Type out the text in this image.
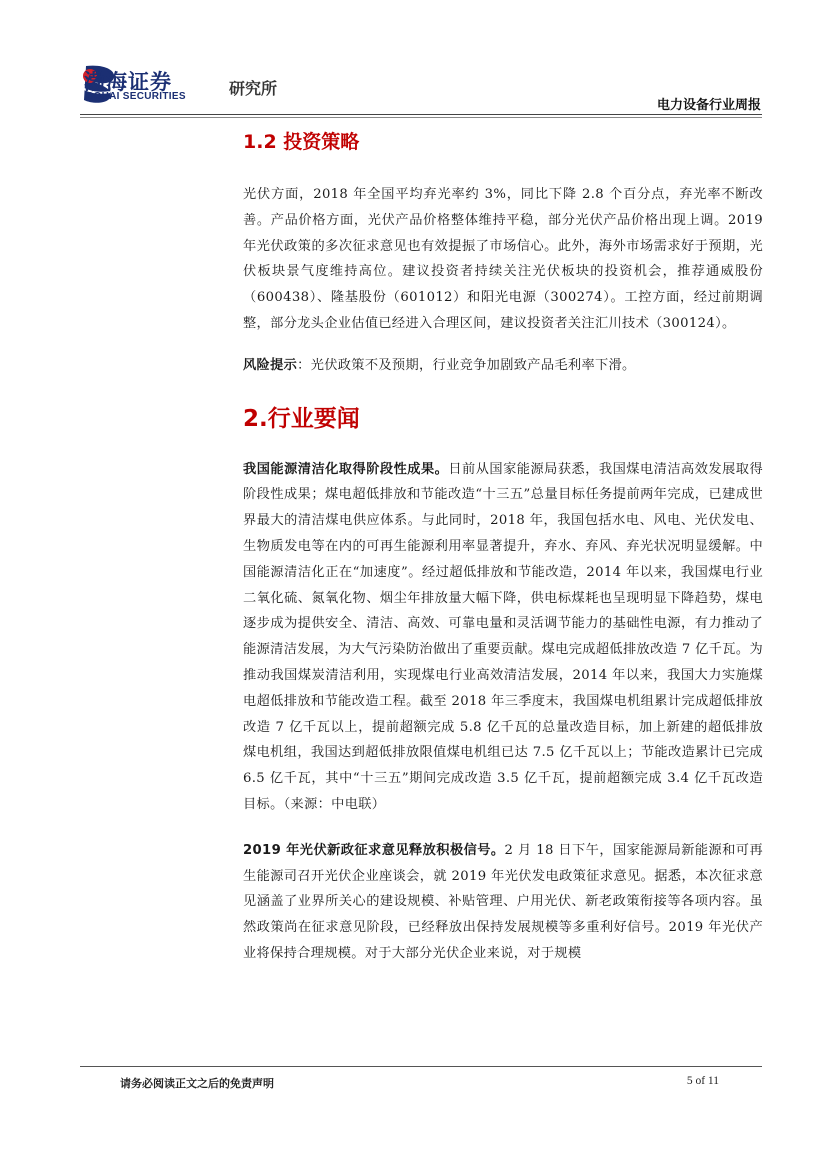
渤海证券
BOHAI SECURITIES	研究所
电力设备行业周报
1.2 投资策略

光伏方面，2018 年全国平均弃光率约 3%，同比下降 2.8 个百分点，弃光率不断改善。产品价格方面，光伏产品价格整体维持平稳，部分光伏产品价格出现上调。2019 年光伏政策的多次征求意见也有效提振了市场信心。此外，海外市场需求好于预期，光伏板块景气度维持高位。建议投资者持续关注光伏板块的投资机会，推荐通威股份（600438）、隆基股份（601012）和阳光电源（300274）。工控方面，经过前期调整，部分龙头企业估值已经进入合理区间，建议投资者关注汇川技术（300124）。

风险提示：光伏政策不及预期，行业竞争加剧致产品毛利率下滑。

2.行业要闻

我国能源清洁化取得阶段性成果。日前从国家能源局获悉，我国煤电清洁高效发展取得阶段性成果；煤电超低排放和节能改造“十三五”总量目标任务提前两年完成，已建成世界最大的清洁煤电供应体系。与此同时，2018 年，我国包括水电、风电、光伏发电、生物质发电等在内的可再生能源利用率显著提升，弃水、弃风、弃光状况明显缓解。中国能源清洁化正在“加速度”。经过超低排放和节能改造，2014 年以来，我国煤电行业二氧化硫、氮氧化物、烟尘年排放量大幅下降，供电标煤耗也呈现明显下降趋势，煤电逐步成为提供安全、清洁、高效、可靠电量和灵活调节能力的基础性电源，有力推动了能源清洁发展，为大气污染防治做出了重要贡献。煤电完成超低排放改造 7 亿千瓦。为推动我国煤炭清洁利用，实现煤电行业高效清洁发展，2014 年以来，我国大力实施煤电超低排放和节能改造工程。截至 2018 年三季度末，我国煤电机组累计完成超低排放改造 7 亿千瓦以上，提前超额完成 5.8 亿千瓦的总量改造目标，加上新建的超低排放煤电机组，我国达到超低排放限值煤电机组已达 7.5 亿千瓦以上；节能改造累计已完成 6.5 亿千瓦，其中“十三五”期间完成改造 3.5 亿千瓦，提前超额完成 3.4 亿千瓦改造目标。（来源：中电联）

2019 年光伏新政征求意见释放积极信号。2 月 18 日下午，国家能源局新能源和可再生能源司召开光伏企业座谈会，就 2019 年光伏发电政策征求意见。据悉，本次征求意见涵盖了业界所关心的建设规模、补贴管理、户用光伏、新老政策衔接等各项内容。虽然政策尚在征求意见阶段，已经释放出保持发展规模等多重利好信号。2019 年光伏产业将保持合理规模。对于大部分光伏企业来说，对于规模

请务必阅读正文之后的免责声明	5 of 11
